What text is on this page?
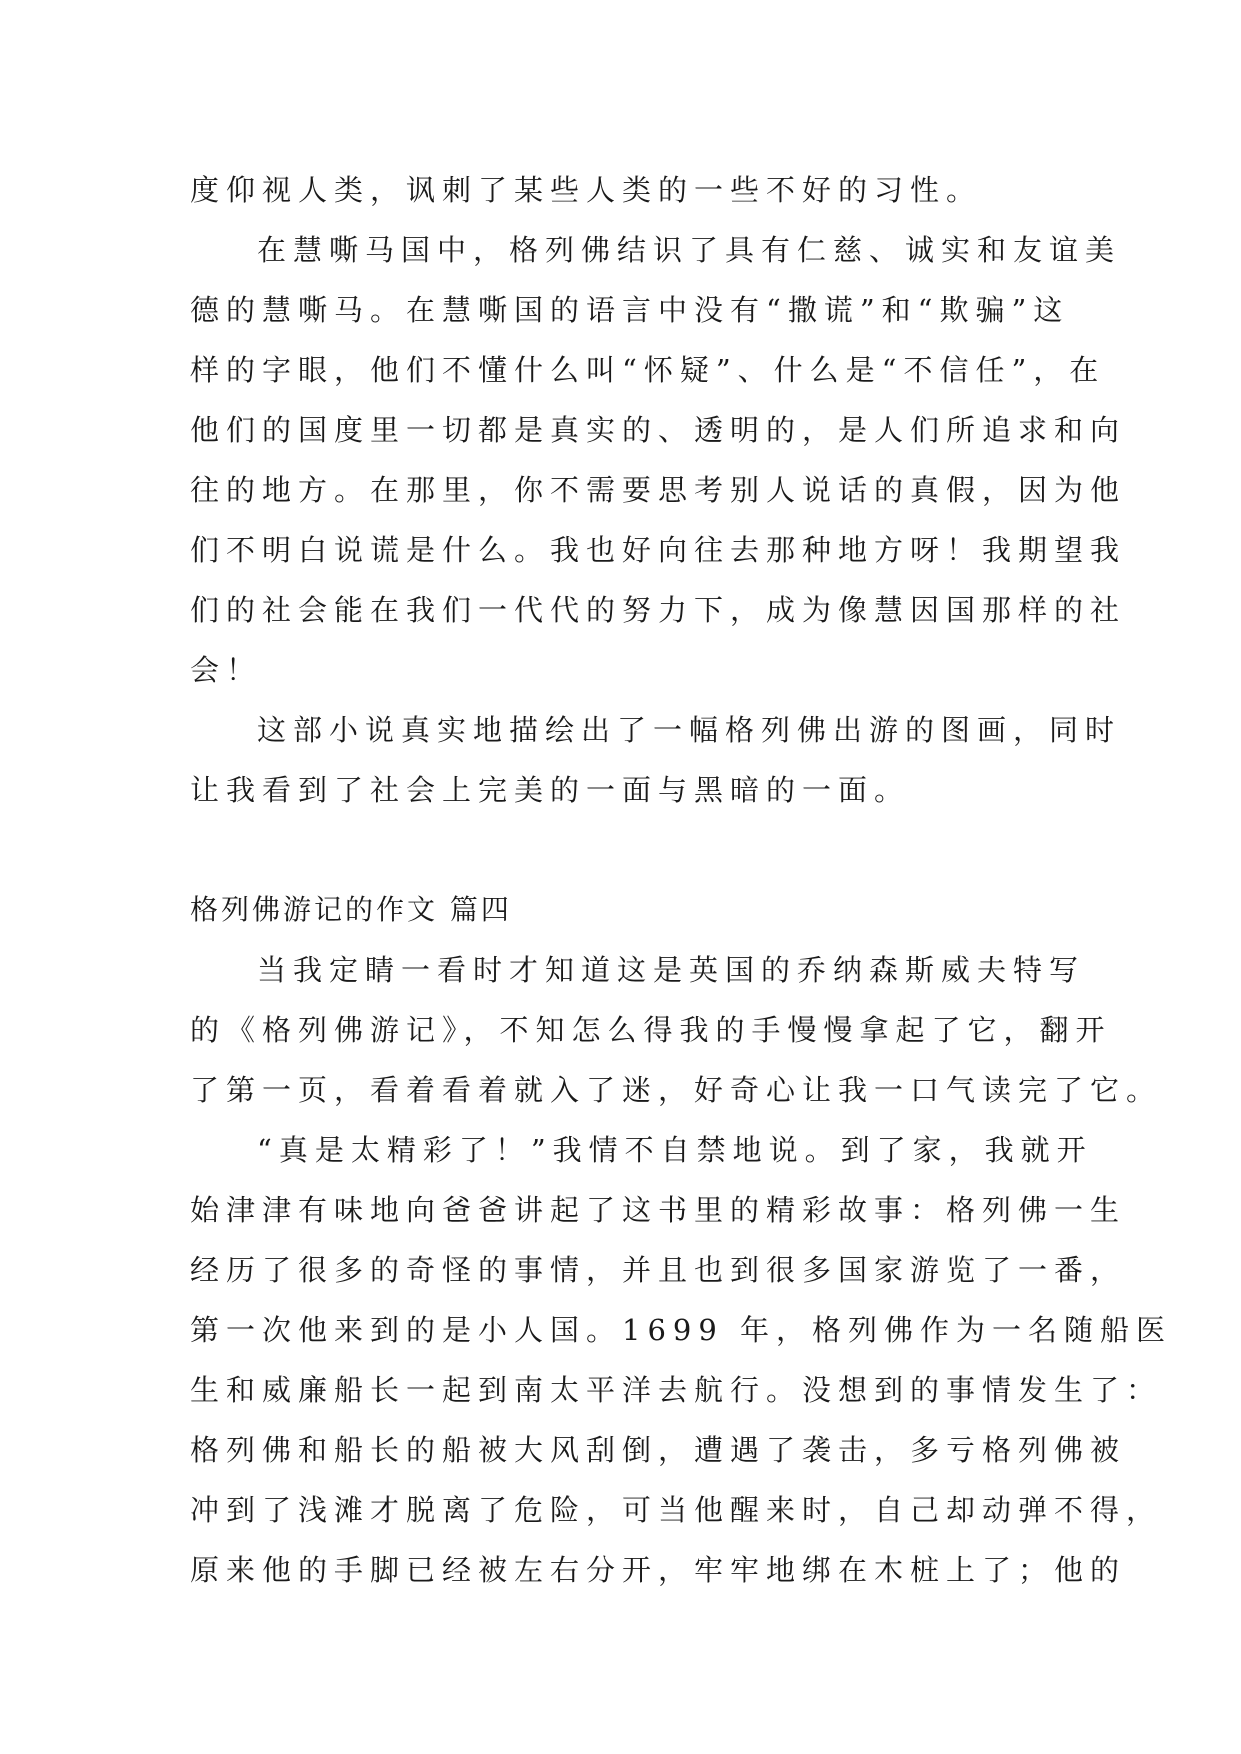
度仰视人类，讽刺了某些人类的一些不好的习性。
在慧嘶马国中，格列佛结识了具有仁慈、诚实和友谊美
德的慧嘶马。在慧嘶国的语言中没有“撒谎”和“欺骗”这
样的字眼，他们不懂什么叫“怀疑”、什么是“不信任”，在
他们的国度里一切都是真实的、透明的，是人们所追求和向
往的地方。在那里，你不需要思考别人说话的真假，因为他
们不明白说谎是什么。我也好向往去那种地方呀！我期望我
们的社会能在我们一代代的努力下，成为像慧因国那样的社
会！
这部小说真实地描绘出了一幅格列佛出游的图画，同时
让我看到了社会上完美的一面与黑暗的一面。
格列佛游记的作文 篇四
当我定睛一看时才知道这是英国的乔纳森斯威夫特写
的《格列佛游记》，不知怎么得我的手慢慢拿起了它，翻开
了第一页，看着看着就入了迷，好奇心让我一口气读完了它。
“真是太精彩了！”我情不自禁地说。到了家，我就开
始津津有味地向爸爸讲起了这书里的精彩故事：格列佛一生
经历了很多的奇怪的事情，并且也到很多国家游览了一番，
第一次他来到的是小人国。1699 年，格列佛作为一名随船医
生和威廉船长一起到南太平洋去航行。没想到的事情发生了：
格列佛和船长的船被大风刮倒，遭遇了袭击，多亏格列佛被
冲到了浅滩才脱离了危险，可当他醒来时，自己却动弹不得，
原来他的手脚已经被左右分开，牢牢地绑在木桩上了；他的
